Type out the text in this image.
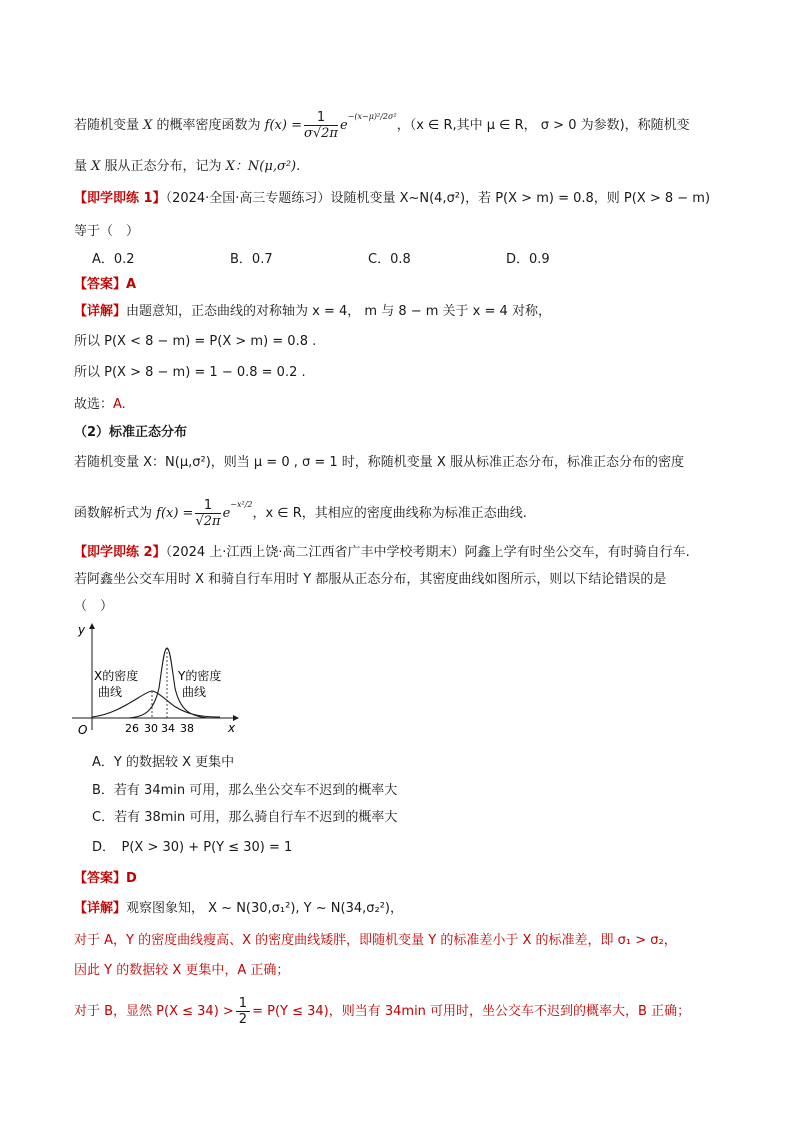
若随机变量 X 的概率密度函数为 $f(x) = \frac{1}{\sigma√2\pi} e^{-(x-\mu)^2/2\sigma^2}$，（x ∈ R,其中 μ ∈ R， σ > 0 为参数)，称随机变
量 X 服从正态分布，记为 X：N(μ,σ²).
【即学即练 1】（2024·全国·高三专题练习）设随机变量 X~N(4,σ²)，若 P(X > m) = 0.8，则 P(X > 8 − m)
等于（　）
A．0.2	B．0.7	C．0.8	D．0.9
【答案】A
【详解】由题意知，正态曲线的对称轴为 x = 4， m 与 8 − m 关于 x = 4 对称，
所以 P(X < 8 − m) = P(X > m) = 0.8 .
所以 P(X > 8 − m) = 1 − 0.8 = 0.2 .
故选：A.
（2）标准正态分布
若随机变量 X：N(μ,σ²)，则当 μ = 0 , σ = 1 时，称随机变量 X 服从标准正态分布，标准正态分布的密度
函数解析式为 $f(x) = \frac{1}{√2\pi} e^{-x^2/2}$，x ∈ R，其相应的密度曲线称为标准正态曲线.
【即学即练 2】（2024 上·江西上饶·高二江西省广丰中学校考期末）阿鑫上学有时坐公交车，有时骑自行车.
若阿鑫坐公交车用时 X 和骑自行车用时 Y 都服从正态分布，其密度曲线如图所示，则以下结论错误的是
（　）
y
x
O	26 30 34 38
X的密度
曲线
Y的密度
曲线
A．Y 的数据较 X 更集中
B．若有 34min 可用，那么坐公交车不迟到的概率大
C．若有 38min 可用，那么骑自行车不迟到的概率大
D．　P(X > 30) + P(Y ≤ 30) = 1
【答案】D
【详解】观察图象知， X ~ N(30,σ₁²), Y ~ N(34,σ₂²)，
对于 A，Y 的密度曲线瘦高、X 的密度曲线矮胖，即随机变量 Y 的标准差小于 X 的标准差，即 σ₁ > σ₂，
因此 Y 的数据较 X 更集中，A 正确；
对于 B，显然 $P(X \le 34) > \frac{1}{2} = P(Y \le 34)$，则当有 34min 可用时，坐公交车不迟到的概率大，B 正确；
